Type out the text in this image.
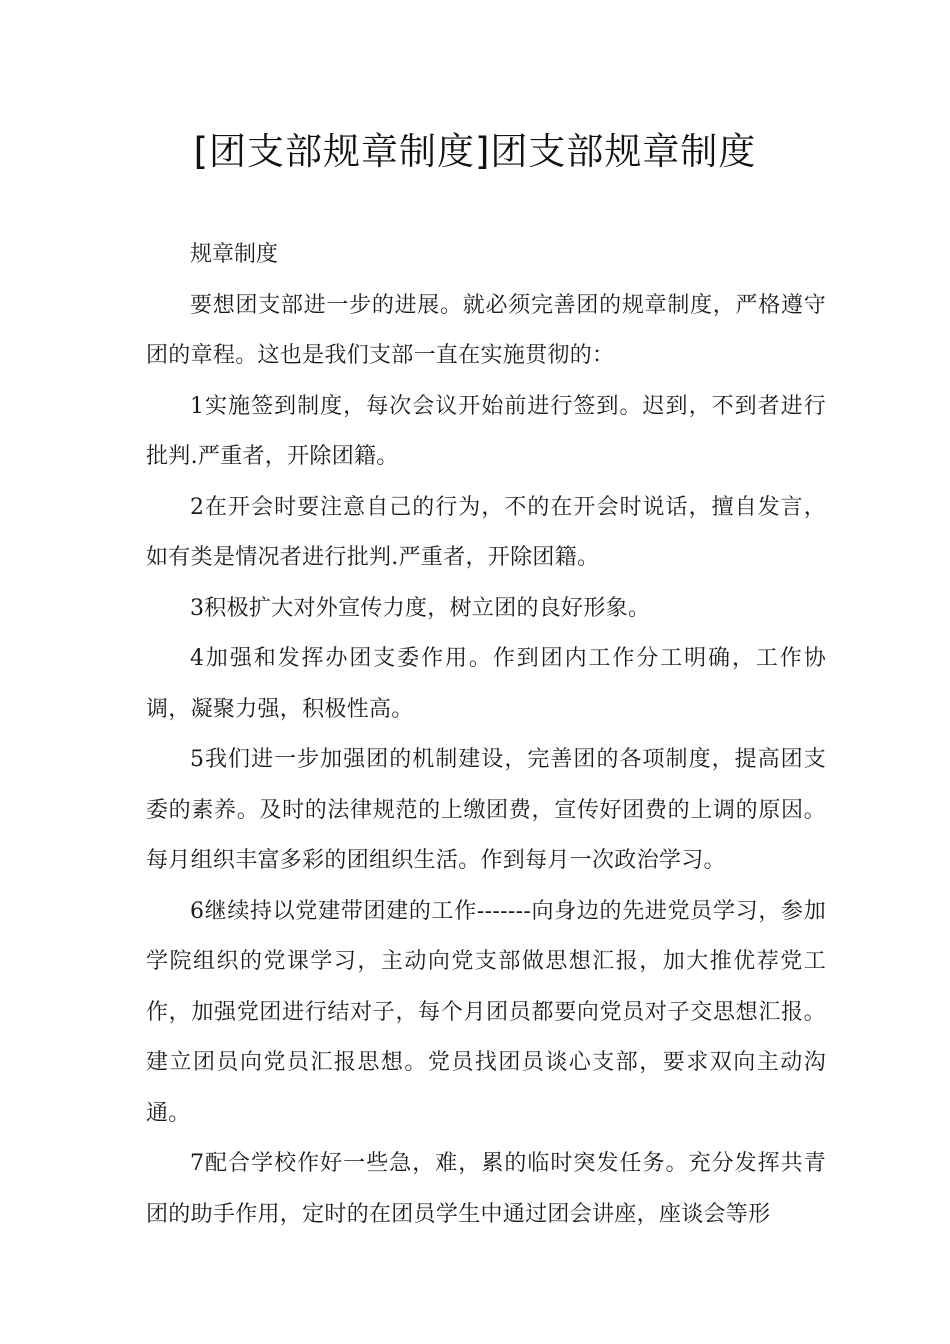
[团支部规章制度]团支部规章制度

规章制度

要想团支部进一步的进展。就必须完善团的规章制度，严格遵守团的章程。这也是我们支部一直在实施贯彻的：

1实施签到制度，每次会议开始前进行签到。迟到，不到者进行批判.严重者，开除团籍。

2在开会时要注意自己的行为，不的在开会时说话，擅自发言，如有类是情况者进行批判.严重者，开除团籍。

3积极扩大对外宣传力度，树立团的良好形象。

4加强和发挥办团支委作用。作到团内工作分工明确，工作协调，凝聚力强，积极性高。

5我们进一步加强团的机制建设，完善团的各项制度，提高团支委的素养。及时的法律规范的上缴团费，宣传好团费的上调的原因。每月组织丰富多彩的团组织生活。作到每月一次政治学习。

6继续持以党建带团建的工作-------向身边的先进党员学习，参加学院组织的党课学习，主动向党支部做思想汇报，加大推优荐党工作，加强党团进行结对子，每个月团员都要向党员对子交思想汇报。建立团员向党员汇报思想。党员找团员谈心支部，要求双向主动沟通。

7配合学校作好一些急，难，累的临时突发任务。充分发挥共青团的助手作用，定时的在团员学生中通过团会讲座，座谈会等形
